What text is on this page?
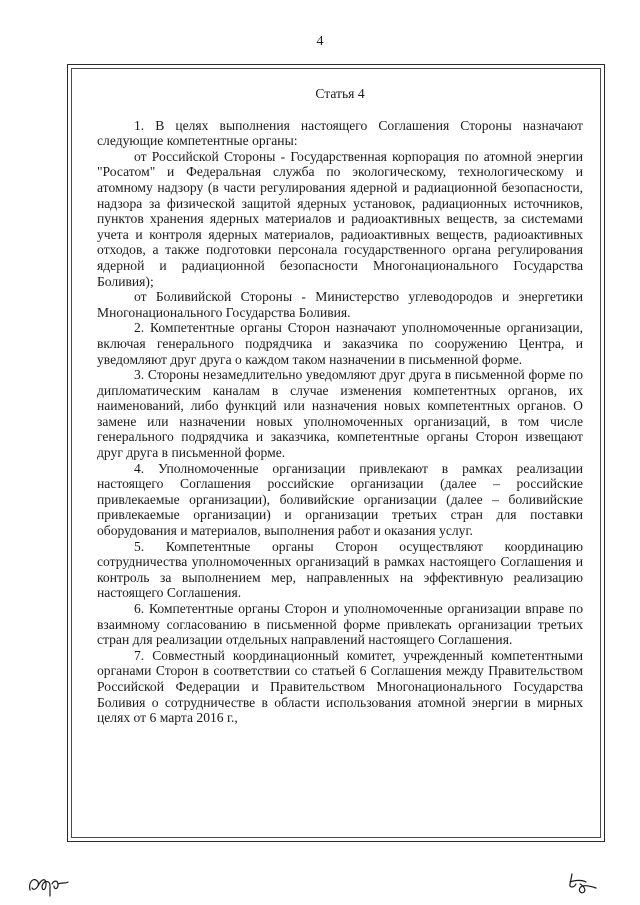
4
Статья 4

1. В целях выполнения настоящего Соглашения Стороны назначают следующие компетентные органы:

от Российской Стороны - Государственная корпорация по атомной энергии "Росатом" и Федеральная служба по экологическому, технологическому и атомному надзору (в части регулирования ядерной и радиационной безопасности, надзора за физической защитой ядерных установок, радиационных источников, пунктов хранения ядерных материалов и радиоактивных веществ, за системами учета и контроля ядерных материалов, радиоактивных веществ, радиоактивных отходов, а также подготовки персонала государственного органа регулирования ядерной и радиационной безопасности Многонационального Государства Боливия);

от Боливийской Стороны - Министерство углеводородов и энергетики Многонационального Государства Боливия.

2. Компетентные органы Сторон назначают уполномоченные организации, включая генерального подрядчика и заказчика по сооружению Центра, и уведомляют друг друга о каждом таком назначении в письменной форме.

3. Стороны незамедлительно уведомляют друг друга в письменной форме по дипломатическим каналам в случае изменения компетентных органов, их наименований, либо функций или назначения новых компетентных органов. О замене или назначении новых уполномоченных организаций, в том числе генерального подрядчика и заказчика, компетентные органы Сторон извещают друг друга в письменной форме.

4. Уполномоченные организации привлекают в рамках реализации настоящего Соглашения российские организации (далее – российские привлекаемые организации), боливийские организации (далее – боливийские привлекаемые организации) и организации третьих стран для поставки оборудования и материалов, выполнения работ и оказания услуг.

5. Компетентные органы Сторон осуществляют координацию сотрудничества уполномоченных организаций в рамках настоящего Соглашения и контроль за выполнением мер, направленных на эффективную реализацию настоящего Соглашения.

6. Компетентные органы Сторон и уполномоченные организации вправе по взаимному согласованию в письменной форме привлекать организации третьих стран для реализации отдельных направлений настоящего Соглашения.

7. Совместный координационный комитет, учрежденный компетентными органами Сторон в соответствии со статьей 6 Соглашения между Правительством Российской Федерации и Правительством Многонационального Государства Боливия о сотрудничестве в области использования атомной энергии в мирных целях от 6 марта 2016 г.,
